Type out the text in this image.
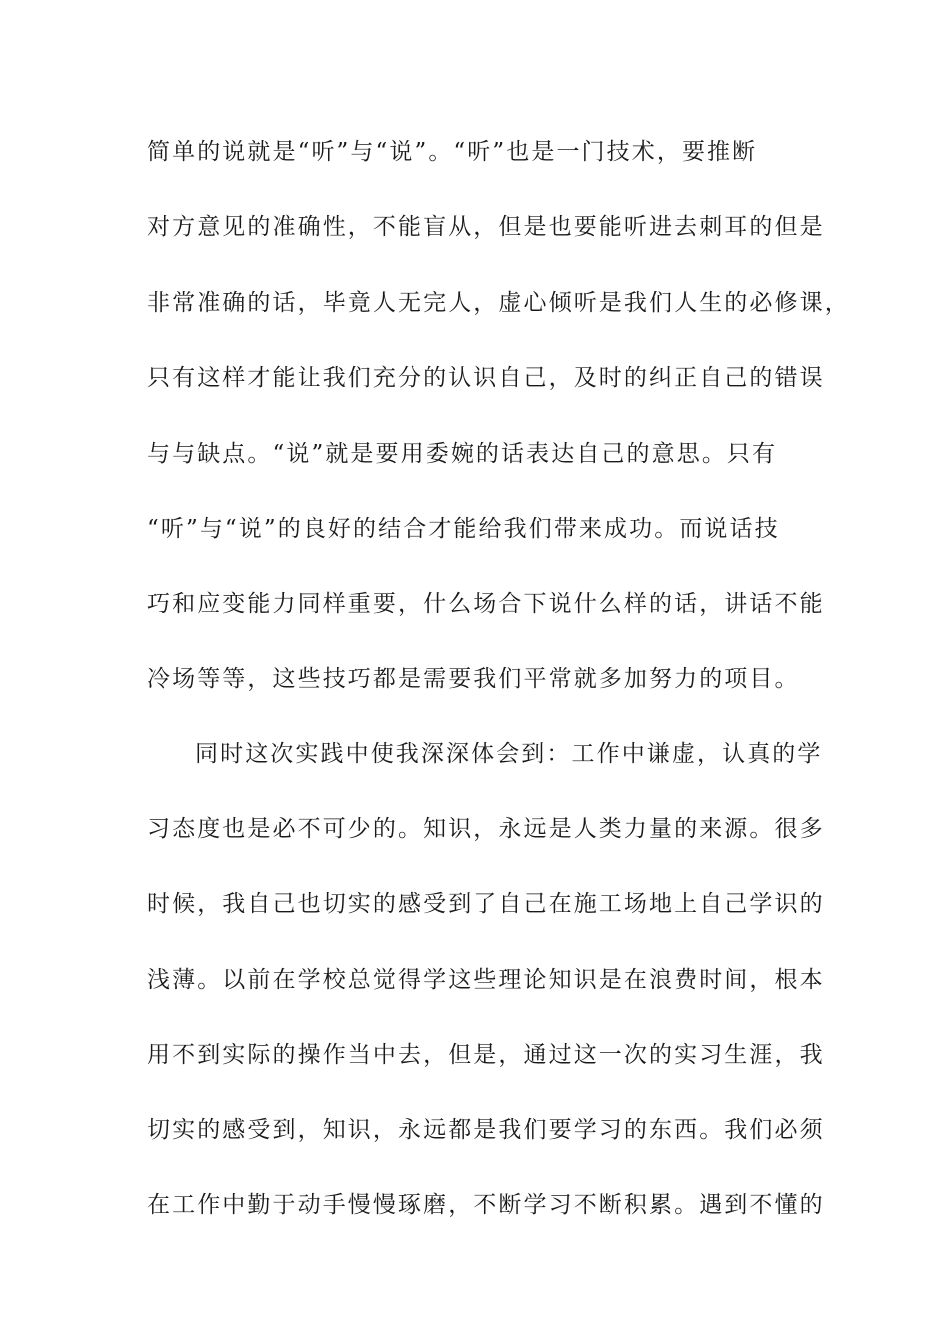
简单的说就是“听”与“说”。“听”也是一门技术，要推断
对方意见的准确性，不能盲从，但是也要能听进去刺耳的但是
非常准确的话，毕竟人无完人，虚心倾听是我们人生的必修课，
只有这样才能让我们充分的认识自己，及时的纠正自己的错误
与与缺点。“说”就是要用委婉的话表达自己的意思。只有
“听”与“说”的良好的结合才能给我们带来成功。而说话技
巧和应变能力同样重要，什么场合下说什么样的话，讲话不能
冷场等等，这些技巧都是需要我们平常就多加努力的项目。
同时这次实践中使我深深体会到：工作中谦虚，认真的学
习态度也是必不可少的。知识，永远是人类力量的来源。很多
时候，我自己也切实的感受到了自己在施工场地上自己学识的
浅薄。以前在学校总觉得学这些理论知识是在浪费时间，根本
用不到实际的操作当中去，但是，通过这一次的实习生涯，我
切实的感受到，知识，永远都是我们要学习的东西。我们必须
在工作中勤于动手慢慢琢磨，不断学习不断积累。遇到不懂的
